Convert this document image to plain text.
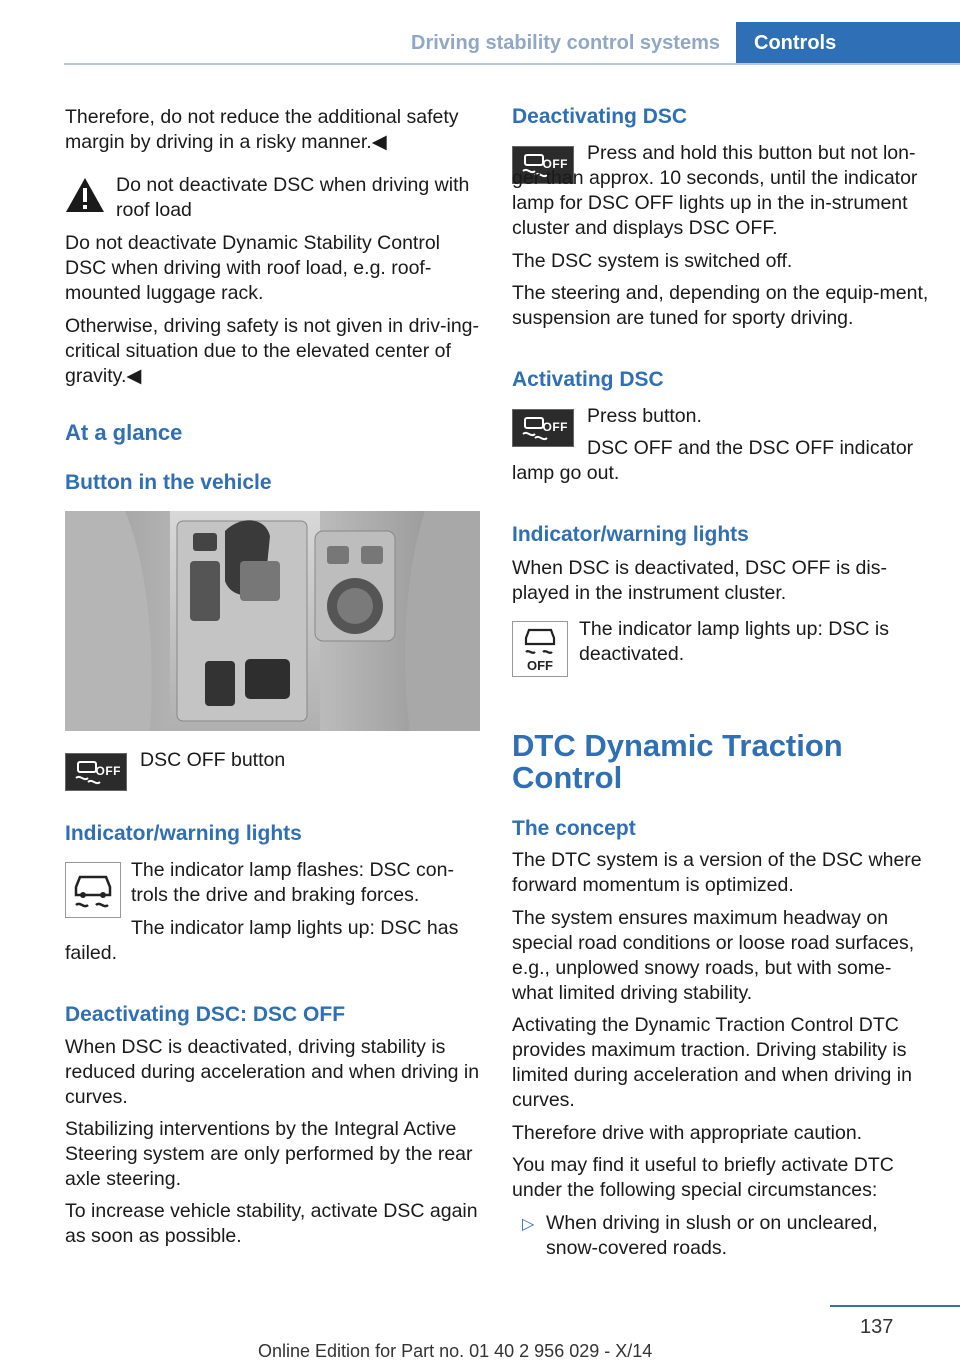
Driving stability control systems	Controls

Therefore, do not reduce the additional safety margin by driving in a risky manner.◀

Do not deactivate DSC when driving with roof load

Do not deactivate Dynamic Stability Control DSC when driving with roof load, e.g. roof-mounted luggage rack.

Otherwise, driving safety is not given in driv-ing-critical situation due to the elevated center of gravity.◀

At a glance
Button in the vehicle
OFF DSC OFF button

Indicator/warning lights

The indicator lamp flashes: DSC con-trols the drive and braking forces.

The indicator lamp lights up: DSC has failed.

Deactivating DSC: DSC OFF

When DSC is deactivated, driving stability is reduced during acceleration and when driving in curves.

Stabilizing interventions by the Integral Active Steering system are only performed by the rear axle steering.

To increase vehicle stability, activate DSC again as soon as possible.

Deactivating DSC
OFF Press and hold this button but not lon-ger than approx. 10 seconds, until the indicator lamp for DSC OFF lights up in the in-strument cluster and displays DSC OFF.

The DSC system is switched off.

The steering and, depending on the equip-ment, suspension are tuned for sporty driving.

Activating DSC
OFF Press button.

DSC OFF and the DSC OFF indicator lamp go out.

Indicator/warning lights

When DSC is deactivated, DSC OFF is dis-played in the instrument cluster.

OFF

The indicator lamp lights up: DSC is deactivated.

DTC Dynamic Traction Control
The concept

The DTC system is a version of the DSC where forward momentum is optimized.

The system ensures maximum headway on special road conditions or loose road surfaces, e.g., unplowed snowy roads, but with some-what limited driving stability.

Activating the Dynamic Traction Control DTC provides maximum traction. Driving stability is limited during acceleration and when driving in curves.

Therefore drive with appropriate caution.

You may find it useful to briefly activate DTC under the following special circumstances:

▷ When driving in slush or on uncleared, snow-covered roads.

137
Online Edition for Part no. 01 40 2 956 029 - X/14
